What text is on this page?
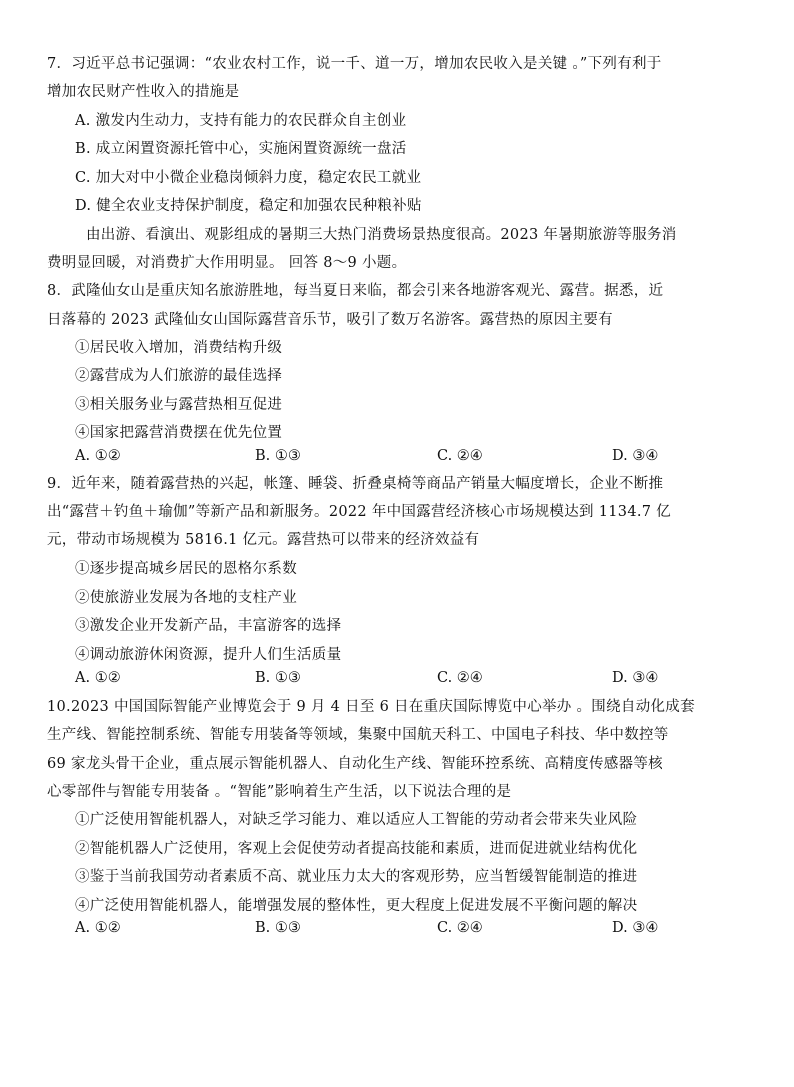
7．习近平总书记强调：“农业农村工作，说一千、道一万，增加农民收入是关键 。”下列有利于
增加农民财产性收入的措施是
A. 激发内生动力，支持有能力的农民群众自主创业
B. 成立闲置资源托管中心，实施闲置资源统一盘活
C. 加大对中小微企业稳岗倾斜力度，稳定农民工就业
D. 健全农业支持保护制度，稳定和加强农民种粮补贴
由出游、看演出、观影组成的暑期三大热门消费场景热度很高。2023 年暑期旅游等服务消
费明显回暖，对消费扩大作用明显。 回答 8～9 小题。
8．武隆仙女山是重庆知名旅游胜地，每当夏日来临，都会引来各地游客观光、露营。据悉，近
日落幕的 2023 武隆仙女山国际露营音乐节，吸引了数万名游客。露营热的原因主要有
①居民收入增加，消费结构升级
②露营成为人们旅游的最佳选择
③相关服务业与露营热相互促进
④国家把露营消费摆在优先位置
A. ①②	B. ①③	C. ②④	D. ③④
9．近年来，随着露营热的兴起，帐篷、睡袋、折叠桌椅等商品产销量大幅度增长，企业不断推
出“露营＋钓鱼＋瑜伽”等新产品和新服务。2022 年中国露营经济核心市场规模达到 1134.7 亿
元，带动市场规模为 5816.1 亿元。露营热可以带来的经济效益有
①逐步提高城乡居民的恩格尔系数
②使旅游业发展为各地的支柱产业
③激发企业开发新产品，丰富游客的选择
④调动旅游休闲资源，提升人们生活质量
A. ①②	B. ①③	C. ②④	D. ③④
10.2023 中国国际智能产业博览会于 9 月 4 日至 6 日在重庆国际博览中心举办 。围绕自动化成套
生产线、智能控制系统、智能专用装备等领域，集聚中国航天科工、中国电子科技、华中数控等
69 家龙头骨干企业，重点展示智能机器人、自动化生产线、智能环控系统、高精度传感器等核
心零部件与智能专用装备 。“智能”影响着生产生活，以下说法合理的是
①广泛使用智能机器人，对缺乏学习能力、难以适应人工智能的劳动者会带来失业风险
②智能机器人广泛使用，客观上会促使劳动者提高技能和素质，进而促进就业结构优化
③鉴于当前我国劳动者素质不高、就业压力太大的客观形势，应当暂缓智能制造的推进
④广泛使用智能机器人，能增强发展的整体性，更大程度上促进发展不平衡问题的解决
A. ①②	B. ①③	C. ②④	D. ③④
